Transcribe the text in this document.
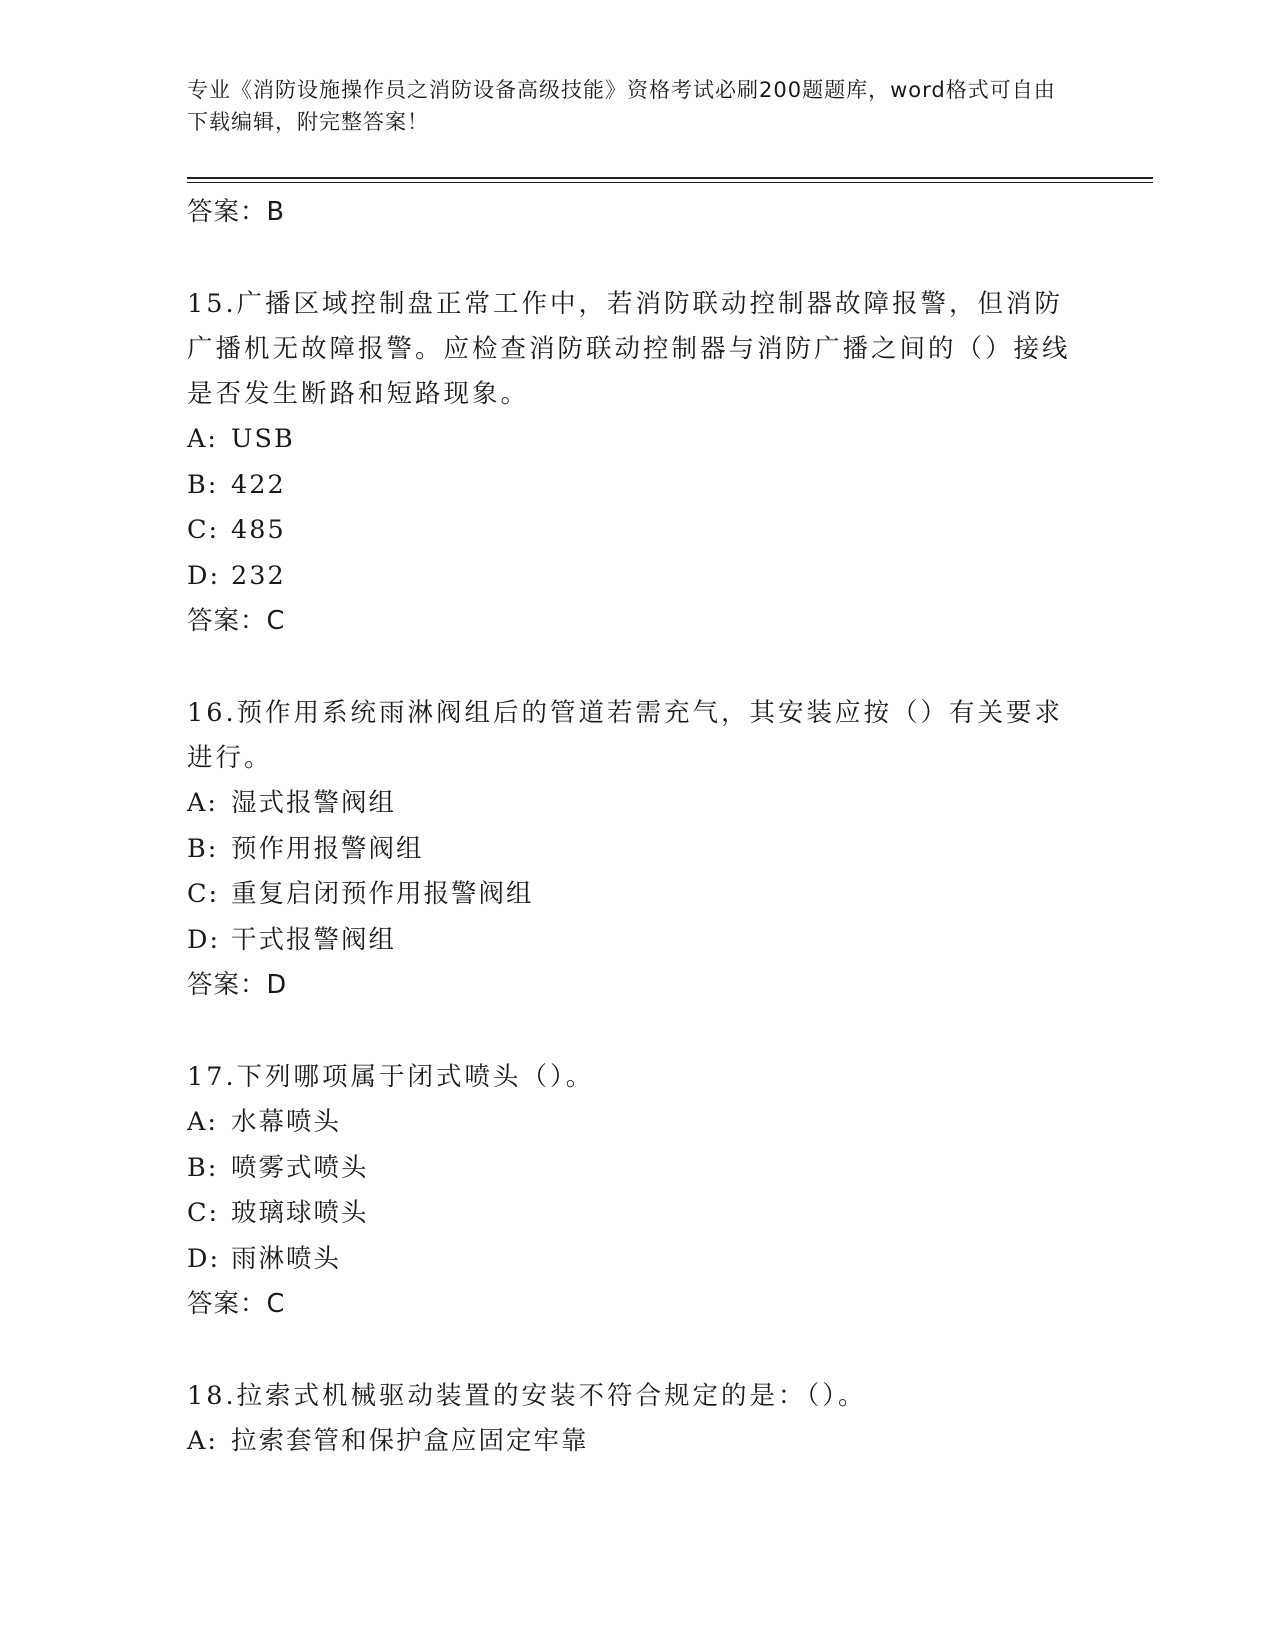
专业《消防设施操作员之消防设备高级技能》资格考试必刷200题题库，word格式可自由下载编辑，附完整答案！
答案：B
15.广播区域控制盘正常工作中，若消防联动控制器故障报警，但消防广播机无故障报警。应检查消防联动控制器与消防广播之间的（）接线是否发生断路和短路现象。
A: USB
B: 422
C: 485
D: 232
答案：C
16.预作用系统雨淋阀组后的管道若需充气，其安装应按（）有关要求进行。
A: 湿式报警阀组
B: 预作用报警阀组
C: 重复启闭预作用报警阀组
D: 干式报警阀组
答案：D
17.下列哪项属于闭式喷头（）。
A: 水幕喷头
B: 喷雾式喷头
C: 玻璃球喷头
D: 雨淋喷头
答案：C
18.拉索式机械驱动装置的安装不符合规定的是：（）。
A: 拉索套管和保护盒应固定牢靠
